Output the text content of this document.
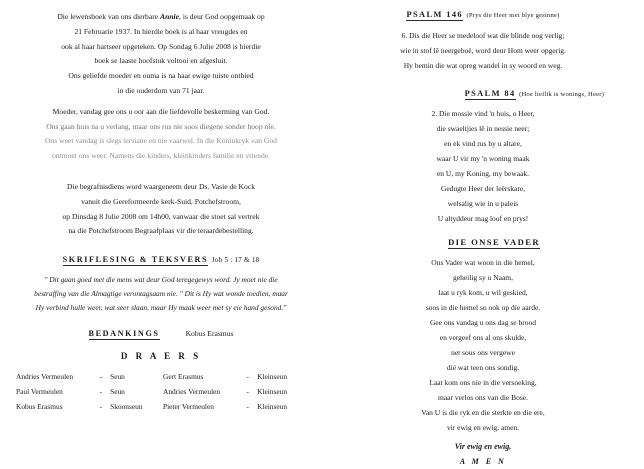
Die lewensboek van ons dierbare Annie, is deur God oopgemaak op
21 Februarie 1937. In hierdie boek is al haar vreugdes en
ook al haar hartseer opgeteken. Op Sondag 6 Julie 2008 is hierdie
boek se laaste hoofstuk voltooi en afgesluit.
Ons geliefde moeder en ouma is na haar ewige tuiste ontbied
in die ouderdom van 71 jaar.
Moeder, vandag gee ons u oor aan die liefdevolle beskerming van God.
Ons gaan huis na u verlang, maar ons rus nie soos diegene sonder hoop nie.
Ons weet vandag is slegs tersiane en nie vaarwel. In die Koninkryk van God
ontmoet ons weer. Namens die kinders, kleinkinders familie en vriende.
Die begrafnisdiens word waargeneem deur Ds. Vasie de Kock
vanuit die Gereformeerde kerk-Suid, Potchefstroom,
op Dinsdag 8 Julie 2008 om 14h00, vanwaar die stoet sal vertrek
na die Potchefstroom Begraafplaas vir die teraardebestelling.
SKRIFLESING & TEKSVERS Job 5 : 17 & 18
" Dit gaan goed met die mens wat deur God teregegewys word. Jy moet nie die
bestraffing van die Almagtige verontagsaam nie. " Dit is Hy wat wonde toedien, maar
Hy verbind hulle weer, wat seer slaan, maar Hy maak weer met sy eie hand gesond."
BEDANKINGS	Kobus Erasmus
D R A E R S
Andries Vermeulen	-	Seun	Gert Erasmus	-	Kleinseun
Paul Vermeulen	-	Seun	Andries Vermeulen	-	Kleinseun
Kobus Erasmus	-	Skoonseun	Pieter Vermeulen	-	Kleinseun
PSALM 146 (Prys die Heer met blye gesinne)
6. Dis die Heer se medeloof wat die blinde oog verlig;
wie in stof lê neergeboë, word deur Hom weer opgerig.
Hy bemin die wat opreg wandel in sy woord en weg.
PSALM 84 (Hoe lieflik is wonings, Heer)
2. Die mossie vind 'n huis, o Heer,
die swaeltjies lê in nessie neer;
en ek vind rus by u altare,
waar U vir my 'n woning maak
en U, my Koning, my bewaak.
Gedugte Heer der leërskare,
welsalig wie in u paleis
U altyddeur mag loof en prys!
DIE ONSE VADER
Ons Vader wat woon in die hemel,
geheilig sy u Naam,
laat u ryk kom, u wil geskied,
soos in die hemel so ook op die aarde.
Gee ons vandag u ons dag se brood
en vergeef ons al ons skulde,
net sous ons vergewe
dié wat teen ons sondig.
Laat kom ons nie in die versoeking,
maar verlos ons van die Bose.
Van U is die ryk en die sterkte en die ere,
vir ewig en ewig, amen.
Vir ewig en ewig,
A M E N
